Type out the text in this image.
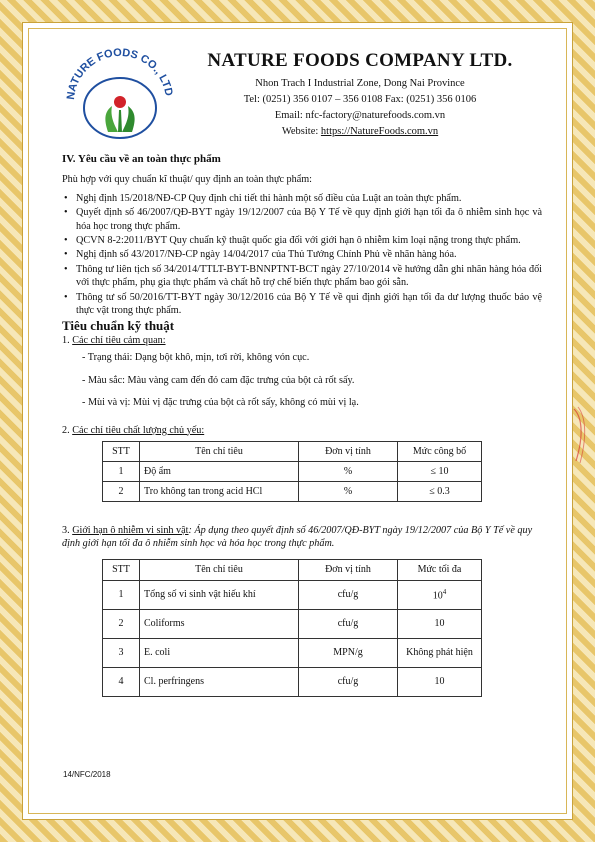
NATURE FOODS CO., LTD
NATURE FOODS COMPANY LTD.
Nhon Trach I Industrial Zone, Dong Nai Province
Tel: (0251) 356 0107 – 356 0108 Fax: (0251) 356 0106
Email: nfc-factory@naturefoods.com.vn
Website: https://NatureFoods.com.vn
IV. Yêu cầu về an toàn thực phẩm
Phù hợp với quy chuẩn kĩ thuật/ quy định an toàn thực phẩm:
• Nghị định 15/2018/NĐ-CP Quy định chi tiết thi hành một số điều của Luật an toàn thực phẩm.
• Quyết định số 46/2007/QĐ-BYT ngày 19/12/2007 của Bộ Y Tế về quy định giới hạn tối đa ô nhiễm sinh học và hóa học trong thực phẩm.
• QCVN 8-2:2011/BYT Quy chuẩn kỹ thuật quốc gia đối với giới hạn ô nhiễm kim loại nặng trong thực phẩm.
• Nghị định số 43/2017/NĐ-CP ngày 14/04/2017 của Thủ Tướng Chính Phủ về nhãn hàng hóa.
• Thông tư liên tịch số 34/2014/TTLT-BYT-BNNPTNT-BCT ngày 27/10/2014 về hướng dẫn ghi nhãn hàng hóa đối với thực phẩm, phụ gia thực phẩm và chất hỗ trợ chế biến thực phẩm bao gói sẵn.
• Thông tư số 50/2016/TT-BYT ngày 30/12/2016 của Bộ Y Tế về qui định giới hạn tối đa dư lượng thuốc bảo vệ thực vật trong thực phẩm.
Tiêu chuẩn kỹ thuật
1. Các chỉ tiêu cảm quan:
- Trạng thái: Dạng bột khô, mịn, tơi rời, không vón cục.
- Màu sắc: Màu vàng cam đến đỏ cam đặc trưng của bột cà rốt sấy.
- Mùi và vị: Mùi vị đặc trưng của bột cà rốt sấy, không có mùi vị lạ.
2. Các chỉ tiêu chất lượng chủ yếu:
STT	Tên chỉ tiêu	Đơn vị tính	Mức công bố
1	Độ ẩm	%	≤ 10
2	Tro không tan trong acid HCl	%	≤ 0.3
3. Giới hạn ô nhiễm vi sinh vật: Áp dụng theo quyết định số 46/2007/QĐ-BYT ngày 19/12/2007 của Bộ Y Tế về quy định giới hạn tối đa ô nhiễm sinh học và hóa học trong thực phẩm.
STT	Tên chỉ tiêu	Đơn vị tính	Mức tối đa
1	Tổng số vi sinh vật hiếu khí	cfu/g	$10^4$
2	Coliforms	cfu/g	10
3	E. coli	MPN/g	Không phát hiện
4	Cl. perfringens	cfu/g	10
14/NFC/2018
